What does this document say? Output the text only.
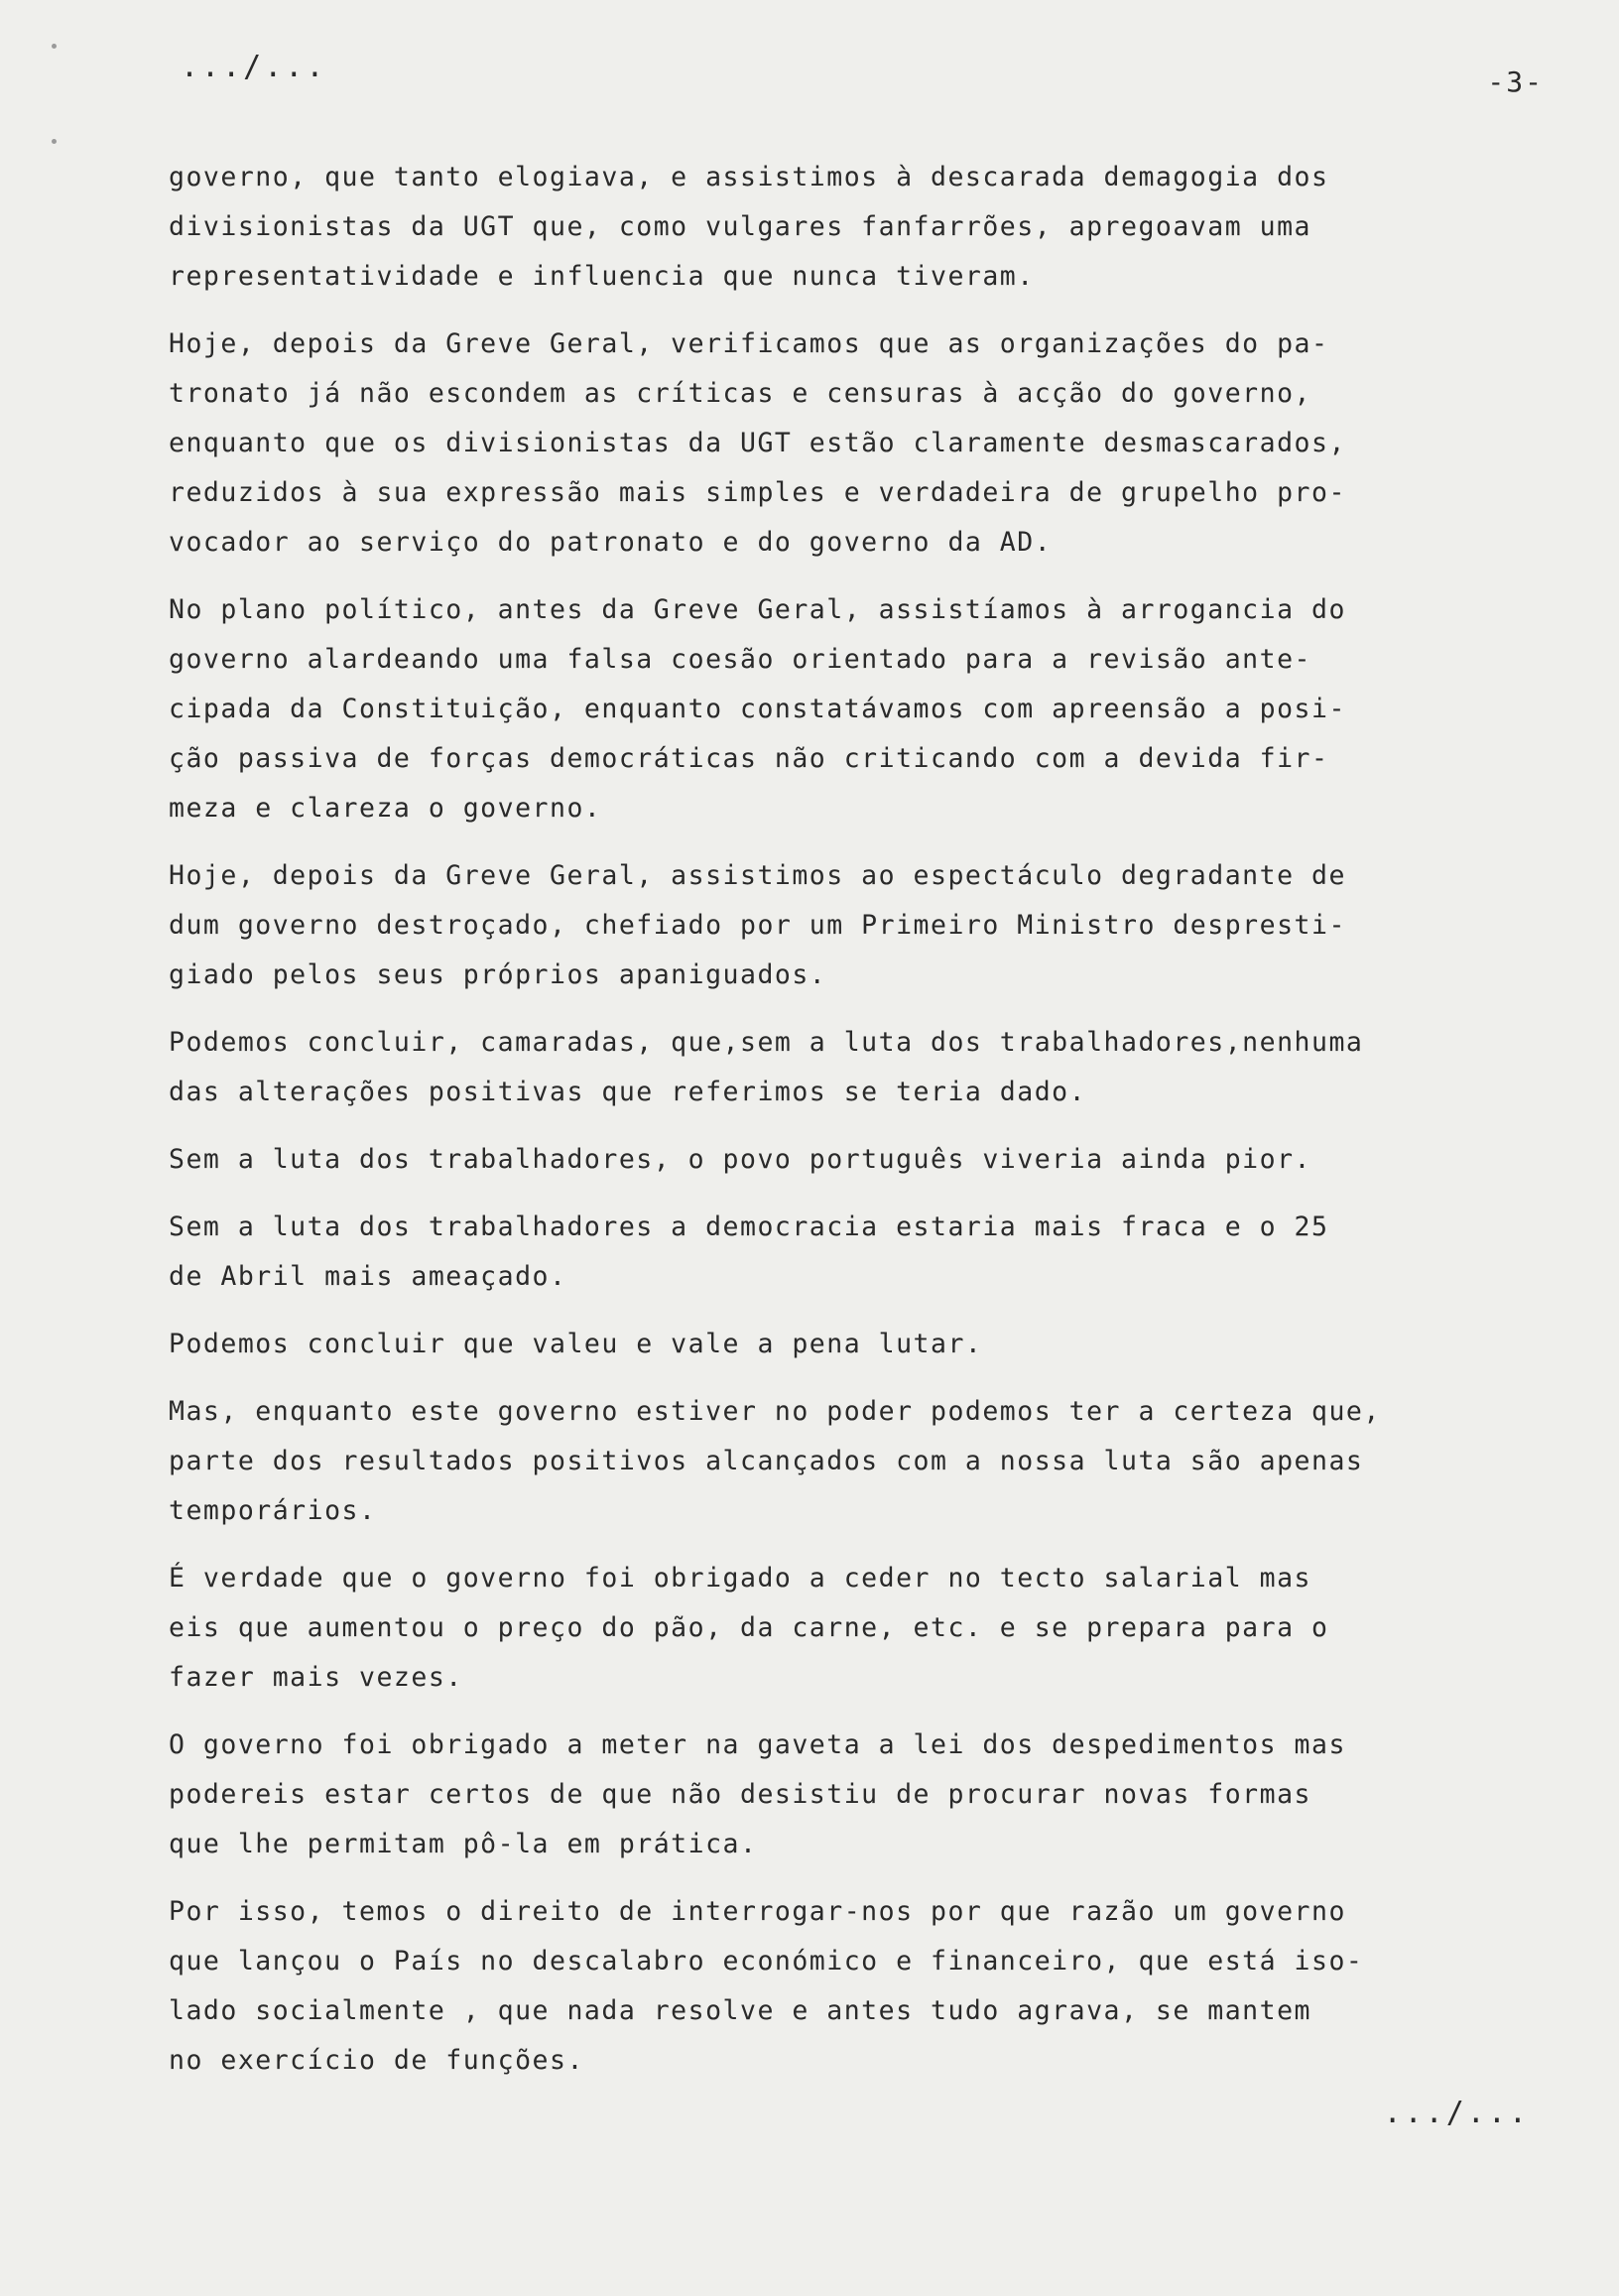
.../...	-3-
governo, que tanto elogiava, e assistimos à descarada demagogia dos
divisionistas da UGT que, como vulgares fanfarrões, apregoavam uma
representatividade e influencia que nunca tiveram.
Hoje, depois da Greve Geral, verificamos que as organizações do pa-
tronato já não escondem as críticas e censuras à acção do governo,
enquanto que os divisionistas da UGT estão claramente desmascarados,
reduzidos à sua expressão mais simples e verdadeira de grupelho pro-
vocador ao serviço do patronato e do governo da AD.
No plano político, antes da Greve Geral, assistíamos à arrogancia do
governo alardeando uma falsa coesão orientado para a revisão ante-
cipada da Constituição, enquanto constatávamos com apreensão a posi-
ção passiva de forças democráticas não criticando com a devida fir-
meza e clareza o governo.
Hoje, depois da Greve Geral, assistimos ao espectáculo degradante de
dum governo destroçado, chefiado por um Primeiro Ministro despresti-
giado pelos seus próprios apaniguados.
Podemos concluir, camaradas, que,sem a luta dos trabalhadores,nenhuma
das alterações positivas que referimos se teria dado.
Sem a luta dos trabalhadores, o povo português viveria ainda pior.
Sem a luta dos trabalhadores a democracia estaria mais fraca e o 25
de Abril mais ameaçado.
Podemos concluir que valeu e vale a pena lutar.
Mas, enquanto este governo estiver no poder podemos ter a certeza que,
parte dos resultados positivos alcançados com a nossa luta são apenas
temporários.
É verdade que o governo foi obrigado a ceder no tecto salarial mas
eis que aumentou o preço do pão, da carne, etc. e se prepara para o
fazer mais vezes.
O governo foi obrigado a meter na gaveta a lei dos despedimentos mas
podereis estar certos de que não desistiu de procurar novas formas
que lhe permitam pô-la em prática.
Por isso, temos o direito de interrogar-nos por que razão um governo
que lançou o País no descalabro económico e financeiro, que está iso-
lado socialmente , que nada resolve e antes tudo agrava, se mantem
no exercício de funções.
.../...
